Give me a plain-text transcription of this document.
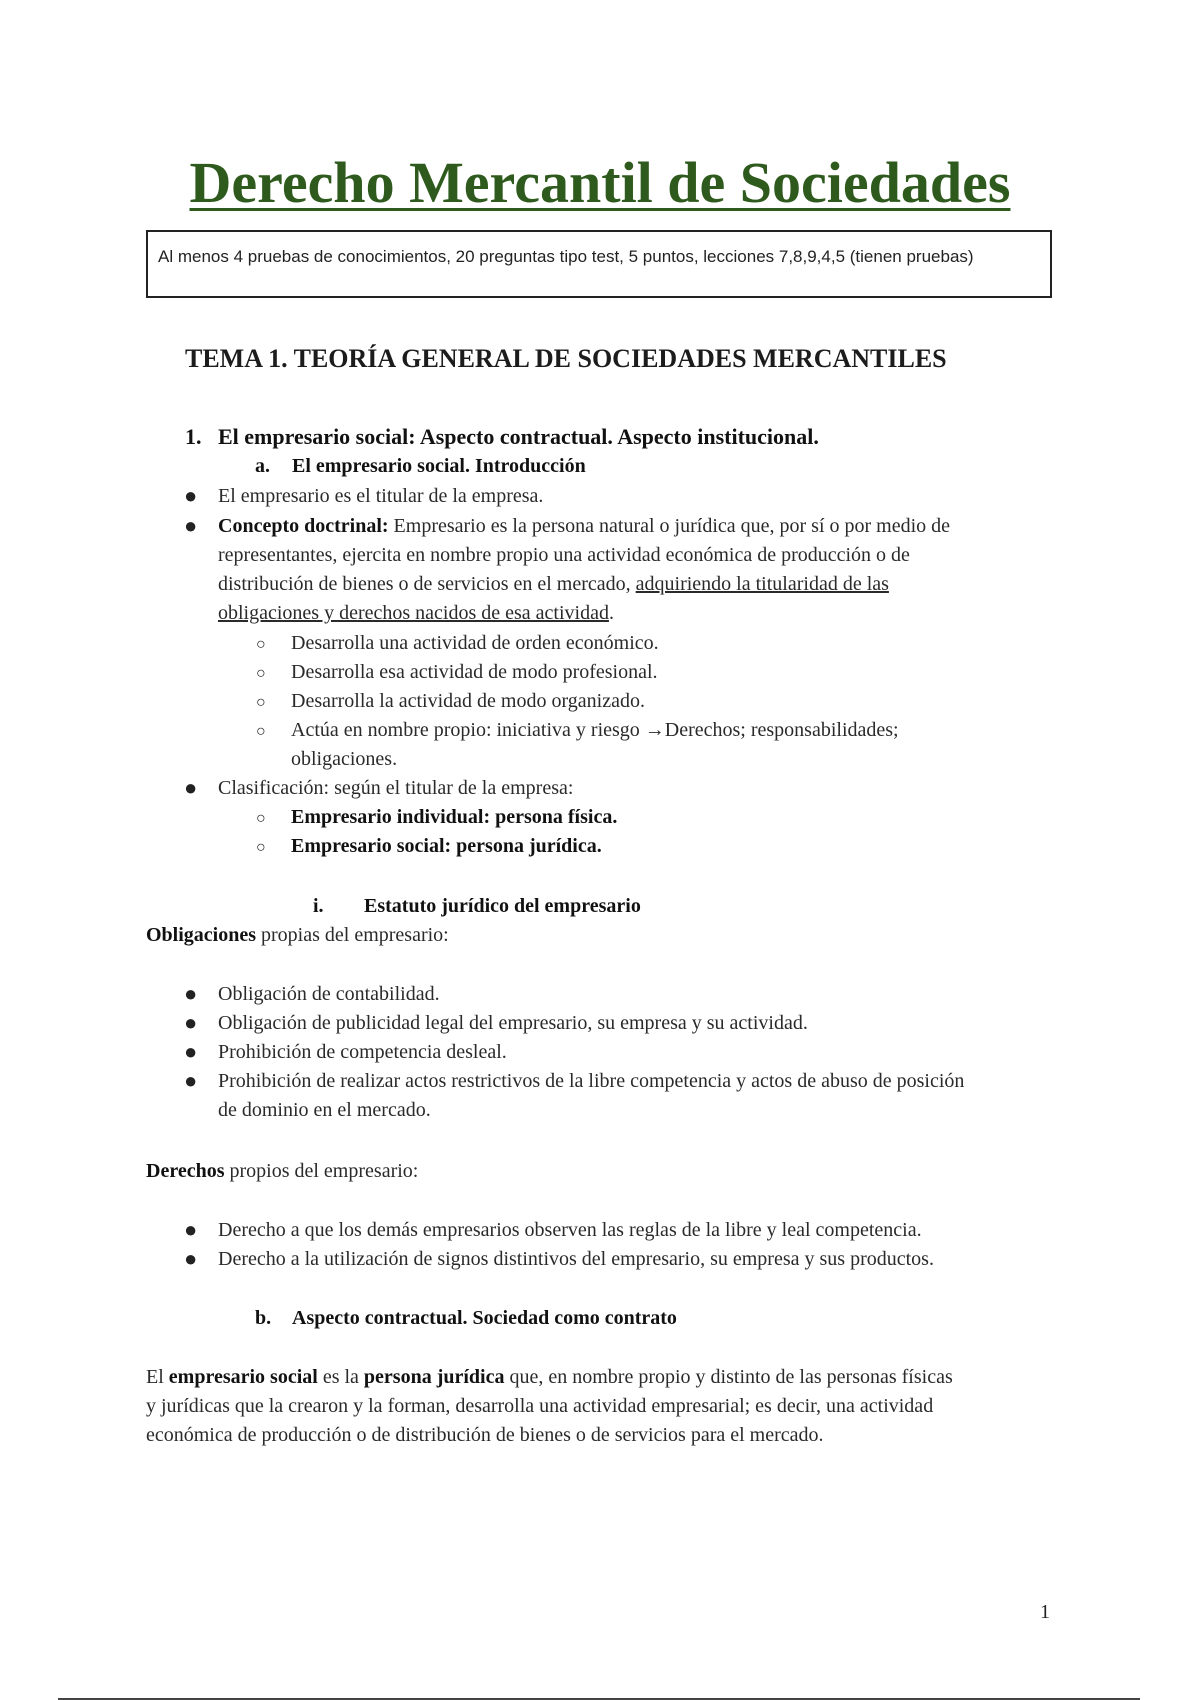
Derecho Mercantil de Sociedades
Al menos 4 pruebas de conocimientos, 20 preguntas tipo test, 5 puntos, lecciones 7,8,9,4,5 (tienen pruebas)
TEMA 1. TEORÍA GENERAL DE SOCIEDADES MERCANTILES
1. El empresario social: Aspecto contractual. Aspecto institucional.
a. El empresario social. Introducción
● El empresario es el titular de la empresa.
● Concepto doctrinal: Empresario es la persona natural o jurídica que, por sí o por medio de
representantes, ejercita en nombre propio una actividad económica de producción o de
distribución de bienes o de servicios en el mercado, adquiriendo la titularidad de las
obligaciones y derechos nacidos de esa actividad.
○ Desarrolla una actividad de orden económico.
○ Desarrolla esa actividad de modo profesional.
○ Desarrolla la actividad de modo organizado.
○ Actúa en nombre propio: iniciativa y riesgo →Derechos; responsabilidades;
obligaciones.
● Clasificación: según el titular de la empresa:
○ Empresario individual: persona física.
○ Empresario social: persona jurídica.
i. Estatuto jurídico del empresario
Obligaciones propias del empresario:
● Obligación de contabilidad.
● Obligación de publicidad legal del empresario, su empresa y su actividad.
● Prohibición de competencia desleal.
● Prohibición de realizar actos restrictivos de la libre competencia y actos de abuso de posición
de dominio en el mercado.
Derechos propios del empresario:
● Derecho a que los demás empresarios observen las reglas de la libre y leal competencia.
● Derecho a la utilización de signos distintivos del empresario, su empresa y sus productos.
b. Aspecto contractual. Sociedad como contrato
El empresario social es la persona jurídica que, en nombre propio y distinto de las personas físicas
y jurídicas que la crearon y la forman, desarrolla una actividad empresarial; es decir, una actividad
económica de producción o de distribución de bienes o de servicios para el mercado.
1
